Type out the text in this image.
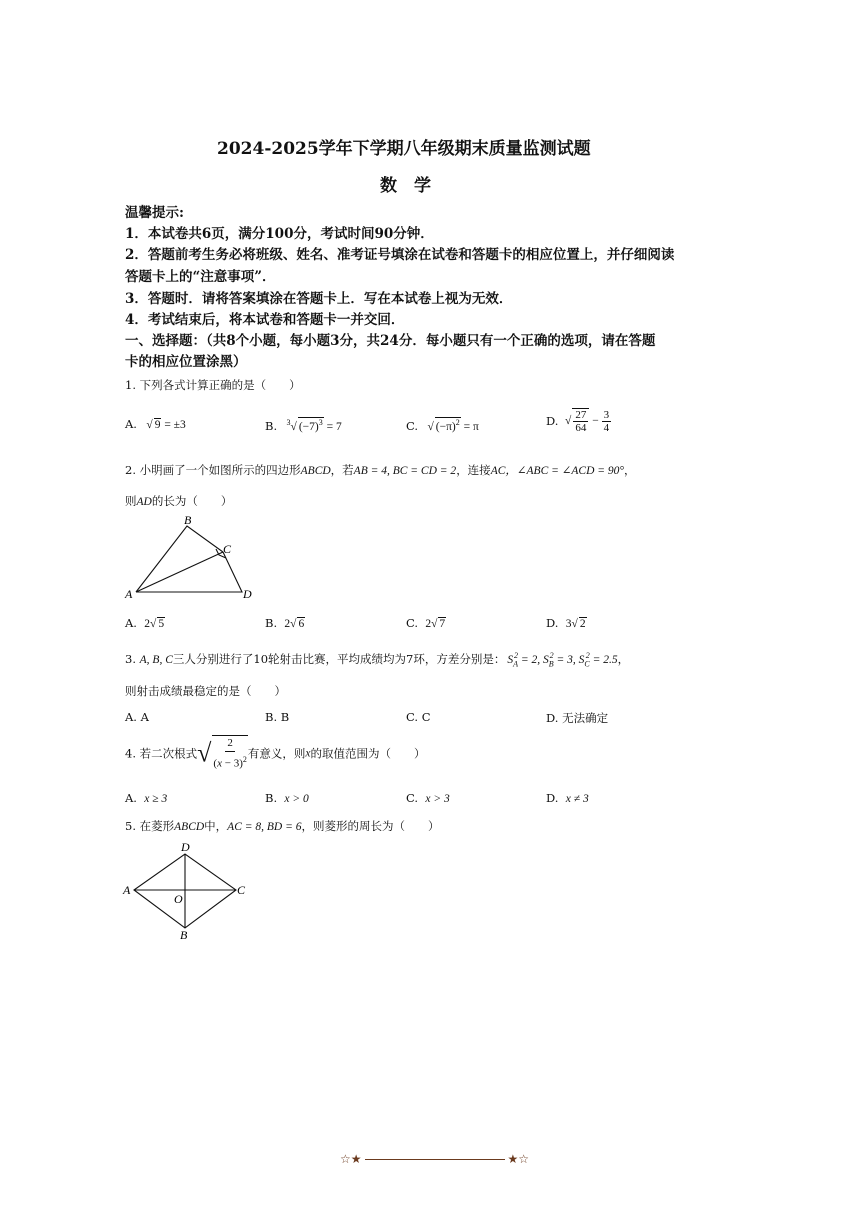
2024-2025学年下学期八年级期末质量监测试题
数　学
温馨提示:
1．本试卷共6页，满分100分，考试时间90分钟．
2．答题前考生务必将班级、姓名、准考证号填涂在试卷和答题卡的相应位置上，并仔细阅读
答题卡上的“注意事项”．
3．答题时．请将答案填涂在答题卡上．写在本试卷上视为无效．
4．考试结束后，将本试卷和答题卡一并交回．
一、选择题：（共8个小题，每小题3分，共24分．每小题只有一个正确的选项，请在答题
卡的相应位置涂黑）
1. 下列各式计算正确的是（　　）
A.   √ 9 = ±3	B. $^3$√ $(-7)^3 = 7$	C.   √ $(-\pi)^2 = \pi$	D.  √ $\frac{27}{64} - \frac{3}{4}$
2. 小明画了一个如图所示的四边形ABCD，若AB = 4, BC = CD = 2，连接AC，∠ABC = ∠ACD = 90°，
则AD的长为（　　）
B
C
A	D
A. 2√ 5	B. 2√ 6	C. 2√ 7	D. 3√ 2
3. A, B, C三人分别进行了10轮射击比赛，平均成绩均为7环，方差分别是： $S_A^2 = 2$, $S_B^2 = 3$, $S_C^2 = 2.5$，
则射击成绩最稳定的是（　　）
A. A	B. B	C. C	D. 无法确定
4. 若二次根式√ $\frac{2}{(x - 3)^2}$ 有意义，则x的取值范围为（　　）
A. x ≥ 3	B. x > 0	C. x > 3	D. x ≠ 3
5. 在菱形ABCD中，AC = 8, BD = 6，则菱形的周长为（　　）
D
A	C
O
B
☆★	★☆
